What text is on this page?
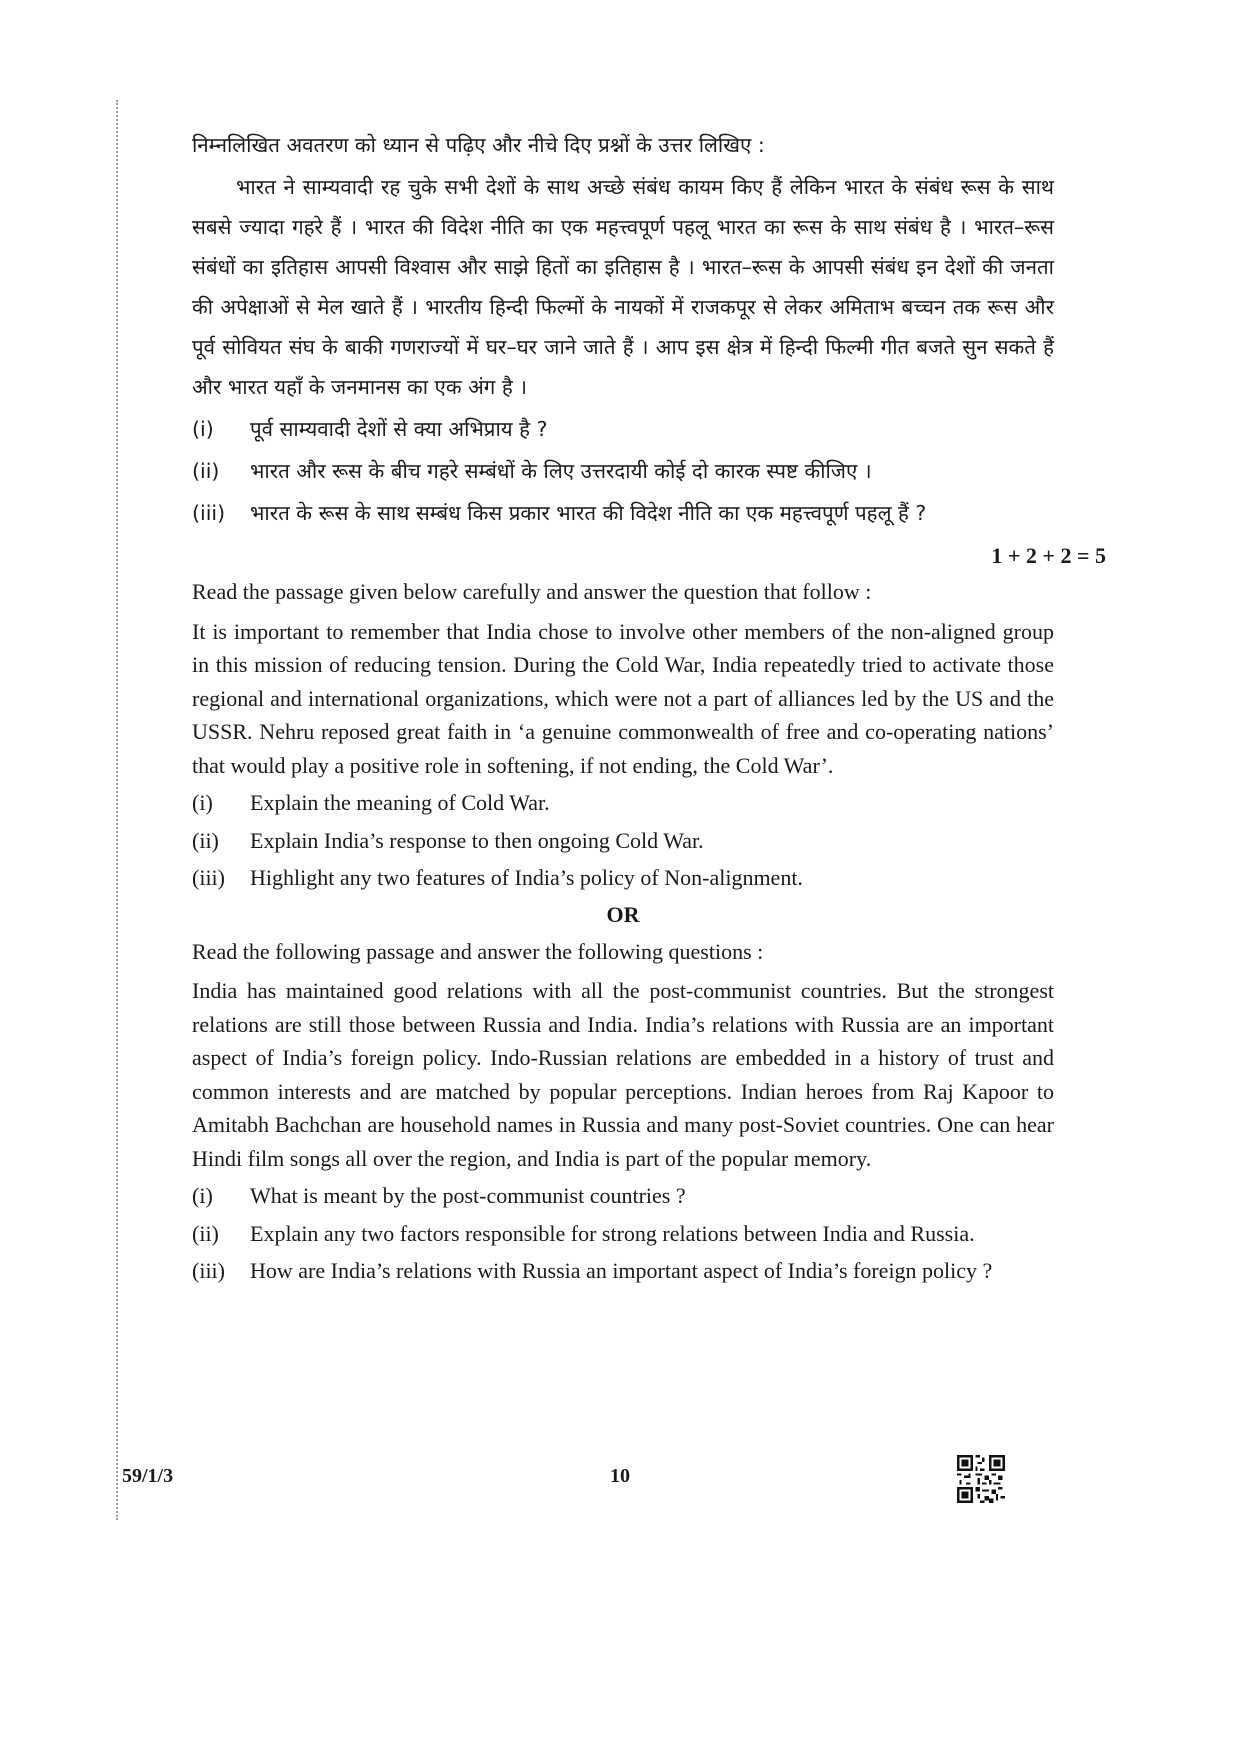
निम्नलिखित अवतरण को ध्यान से पढ़िए और नीचे दिए प्रश्नों के उत्तर लिखिए :

भारत ने साम्यवादी रह चुके सभी देशों के साथ अच्छे संबंध कायम किए हैं लेकिन भारत के संबंध रूस के साथ सबसे ज्यादा गहरे हैं । भारत की विदेश नीति का एक महत्त्वपूर्ण पहलू भारत का रूस के साथ संबंध है । भारत–रूस संबंधों का इतिहास आपसी विश्वास और साझे हितों का इतिहास है । भारत–रूस के आपसी संबंध इन देशों की जनता की अपेक्षाओं से मेल खाते हैं । भारतीय हिन्दी फिल्मों के नायकों में राजकपूर से लेकर अमिताभ बच्चन तक रूस और पूर्व सोवियत संघ के बाकी गणराज्यों में घर–घर जाने जाते हैं । आप इस क्षेत्र में हिन्दी फिल्मी गीत बजते सुन सकते हैं और भारत यहाँ के जनमानस का एक अंग है ।

(i)	पूर्व साम्यवादी देशों से क्या अभिप्राय है ?
(ii)	भारत और रूस के बीच गहरे सम्बंधों के लिए उत्तरदायी कोई दो कारक स्पष्ट कीजिए ।
(iii)	भारत के रूस के साथ सम्बंध किस प्रकार भारत की विदेश नीति का एक महत्त्वपूर्ण पहलू हैं ?
1 + 2 + 2 = 5

Read the passage given below carefully and answer the question that follow :

It is important to remember that India chose to involve other members of the non-aligned group in this mission of reducing tension. During the Cold War, India repeatedly tried to activate those regional and international organizations, which were not a part of alliances led by the US and the USSR. Nehru reposed great faith in ‘a genuine commonwealth of free and co-operating nations’ that would play a positive role in softening, if not ending, the Cold War’.

(i)	Explain the meaning of Cold War.
(ii)	Explain India’s response to then ongoing Cold War.
(iii)	Highlight any two features of India’s policy of Non-alignment.
OR

Read the following passage and answer the following questions :

India has maintained good relations with all the post-communist countries. But the strongest relations are still those between Russia and India. India’s relations with Russia are an important aspect of India’s foreign policy. Indo-Russian relations are embedded in a history of trust and common interests and are matched by popular perceptions. Indian heroes from Raj Kapoor to Amitabh Bachchan are household names in Russia and many post-Soviet countries. One can hear Hindi film songs all over the region, and India is part of the popular memory.

(i)	What is meant by the post-communist countries ?
(ii)	Explain any two factors responsible for strong relations between India and Russia.
(iii)	How are India’s relations with Russia an important aspect of India’s foreign policy ?
59/1/3	10
